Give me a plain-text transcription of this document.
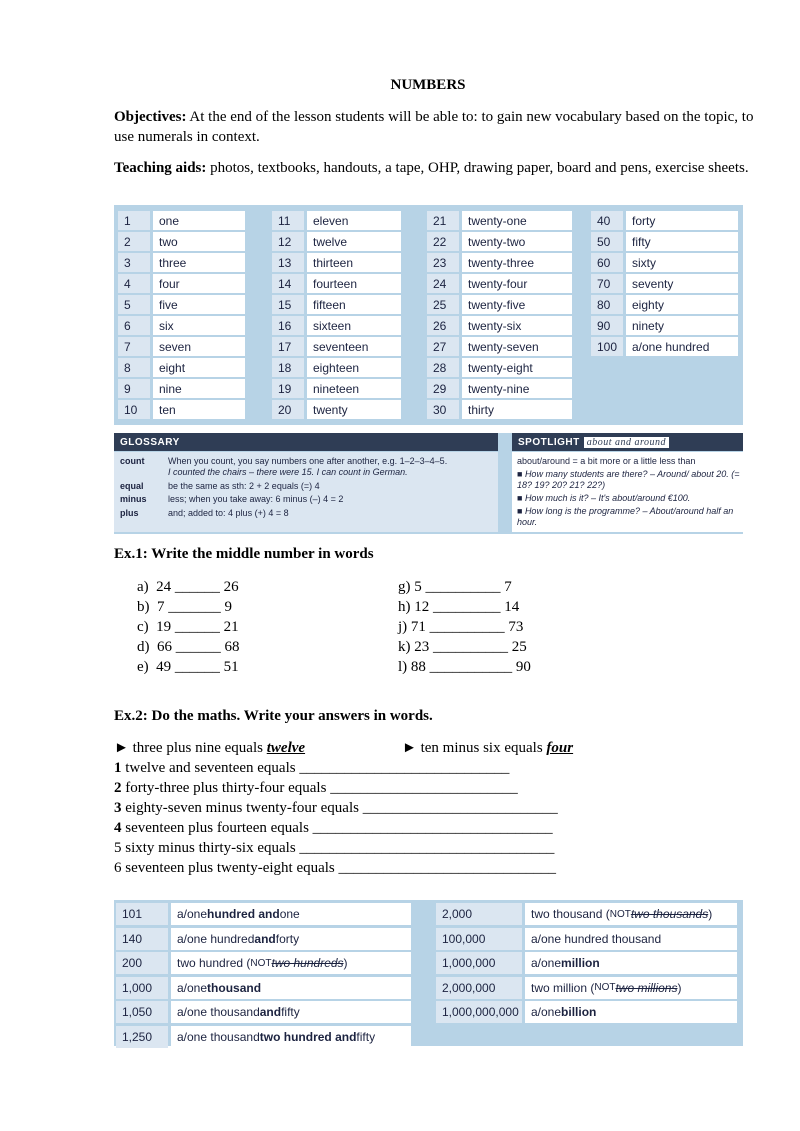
NUMBERS
Objectives: At the end of the lesson students will be able to: to gain new vocabulary based on the topic, to use numerals in context.
Teaching aids: photos, textbooks, handouts, a tape, OHP, drawing paper, board and pens, exercise sheets.
1	one
2	two
3	three
4	four
5	five
6	six
7	seven
8	eight
9	nine
10	ten
11	eleven
12	twelve
13	thirteen
14	fourteen
15	fifteen
16	sixteen
17	seventeen
18	eighteen
19	nineteen
20	twenty
21	twenty-one
22	twenty-two
23	twenty-three
24	twenty-four
25	twenty-five
26	twenty-six
27	twenty-seven
28	twenty-eight
29	twenty-nine
30	thirty
40	forty
50	fifty
60	sixty
70	seventy
80	eighty
90	ninety
100	a/one hundred
GLOSSARY
count	When you count, you say numbers one after another, e.g. 1–2–3–4–5.
I counted the chairs – there were 15. I can count in German.
equal	be the same as sth: 2 + 2 equals (=) 4
minus less; when you take away: 6 minus (–) 4 = 2
plus	and; added to: 4 plus (+) 4 = 8
SPOTLIGHT about and around
about/around = a bit more or a little less than
■ How many students are there? – Around/ about 20. (= 18? 19? 20? 21? 22?)
■ How much is it? – It's about/around €100.
■ How long is the programme? – About/around half an hour.
Ex.1: Write the middle number in words
a) 24 ______ 26
b) 7 _______ 9
c) 19 ______ 21
d) 66 ______ 68
e) 49 ______ 51
g) 5 __________ 7
h) 12 _________ 14
j) 71 __________ 73
k) 23 __________ 25
l) 88 ___________ 90
Ex.2: Do the maths. Write your answers in words.
► three plus nine equals twelve	► ten minus six equals four
1 twelve and seventeen equals ____________________________
2 forty-three plus thirty-four equals _________________________
3 eighty-seven minus twenty-four equals __________________________
4 seventeen plus fourteen equals ________________________________
5 sixty minus thirty-six equals __________________________________
6 seventeen plus twenty-eight equals _____________________________
101	a/one hundred and one
140	a/one hundred and forty
200	two hundred ( NOT two hundreds )
1,000	a/one thousand
1,050	a/one thousand and fifty
1,250	a/one thousand two hundred and fifty
2,000	two thousand ( NOT two thousands )
100,000	a/one hundred thousand
1,000,000	a/one million
2,000,000	two million ( NOT two millions )
1,000,000,000 a/one billion
